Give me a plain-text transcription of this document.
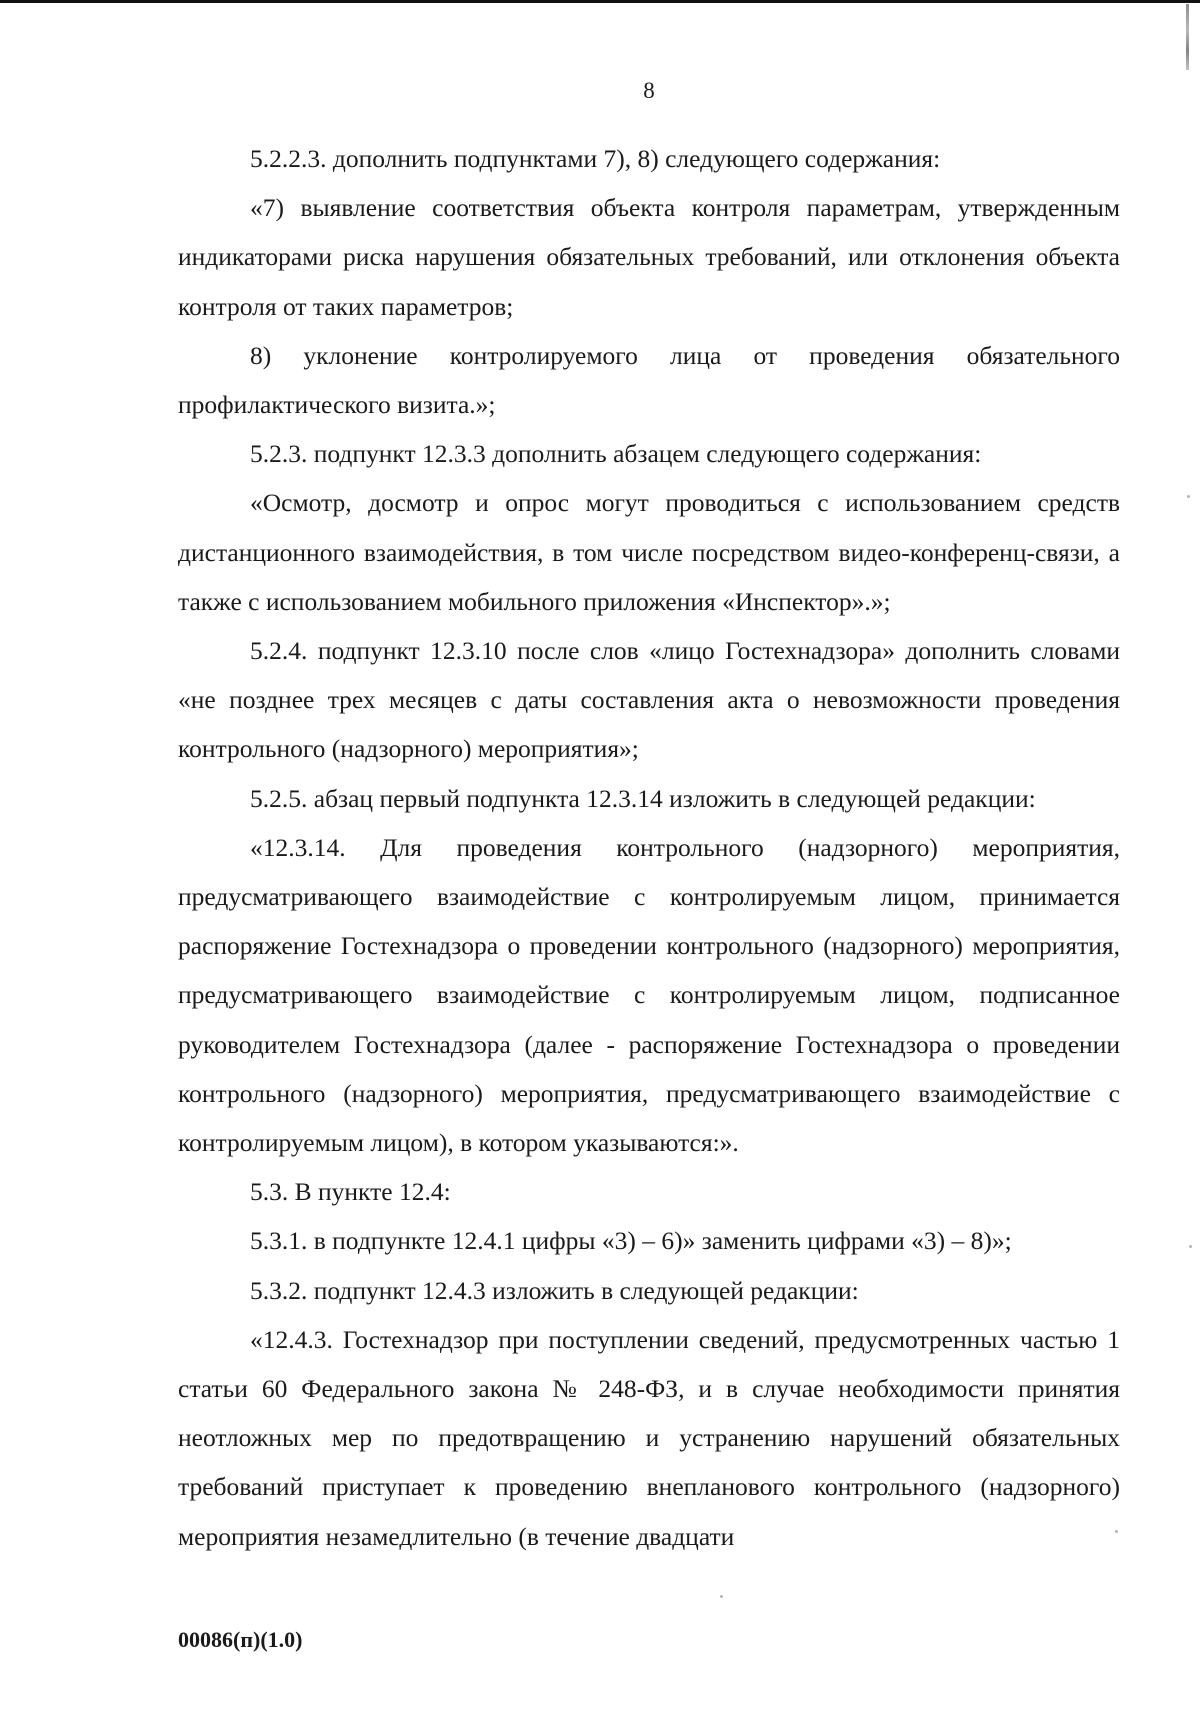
8

5.2.2.3. дополнить подпунктами 7), 8) следующего содержания:

«7) выявление соответствия объекта контроля параметрам, утвержденным индикаторами риска нарушения обязательных требований, или отклонения объекта контроля от таких параметров;

8) уклонение контролируемого лица от проведения обязательного профилактического визита.»;

5.2.3. подпункт 12.3.3 дополнить абзацем следующего содержания:

«Осмотр, досмотр и опрос могут проводиться с использованием средств дистанционного взаимодействия, в том числе посредством видео-конференц-связи, а также с использованием мобильного приложения «Инспектор».»;

5.2.4. подпункт 12.3.10 после слов «лицо Гостехнадзора» дополнить словами «не позднее трех месяцев с даты составления акта о невозможности проведения контрольного (надзорного) мероприятия»;

5.2.5. абзац первый подпункта 12.3.14 изложить в следующей редакции:

«12.3.14. Для проведения контрольного (надзорного) мероприятия, предусматривающего взаимодействие с контролируемым лицом, принимается распоряжение Гостехнадзора о проведении контрольного (надзорного) мероприятия, предусматривающего взаимодействие с контролируемым лицом, подписанное руководителем Гостехнадзора (далее - распоряжение Гостехнадзора о проведении контрольного (надзорного) мероприятия, предусматривающего взаимодействие с контролируемым лицом), в котором указываются:».

5.3. В пункте 12.4:

5.3.1. в подпункте 12.4.1 цифры «3) – 6)» заменить цифрами «3) – 8)»;

5.3.2. подпункт 12.4.3 изложить в следующей редакции:

«12.4.3. Гостехнадзор при поступлении сведений, предусмотренных частью 1 статьи 60 Федерального закона № 248-ФЗ, и в случае необходимости принятия неотложных мер по предотвращению и устранению нарушений обязательных требований приступает к проведению внепланового контрольного (надзорного) мероприятия незамедлительно (в течение двадцати

00086(п)(1.0)
